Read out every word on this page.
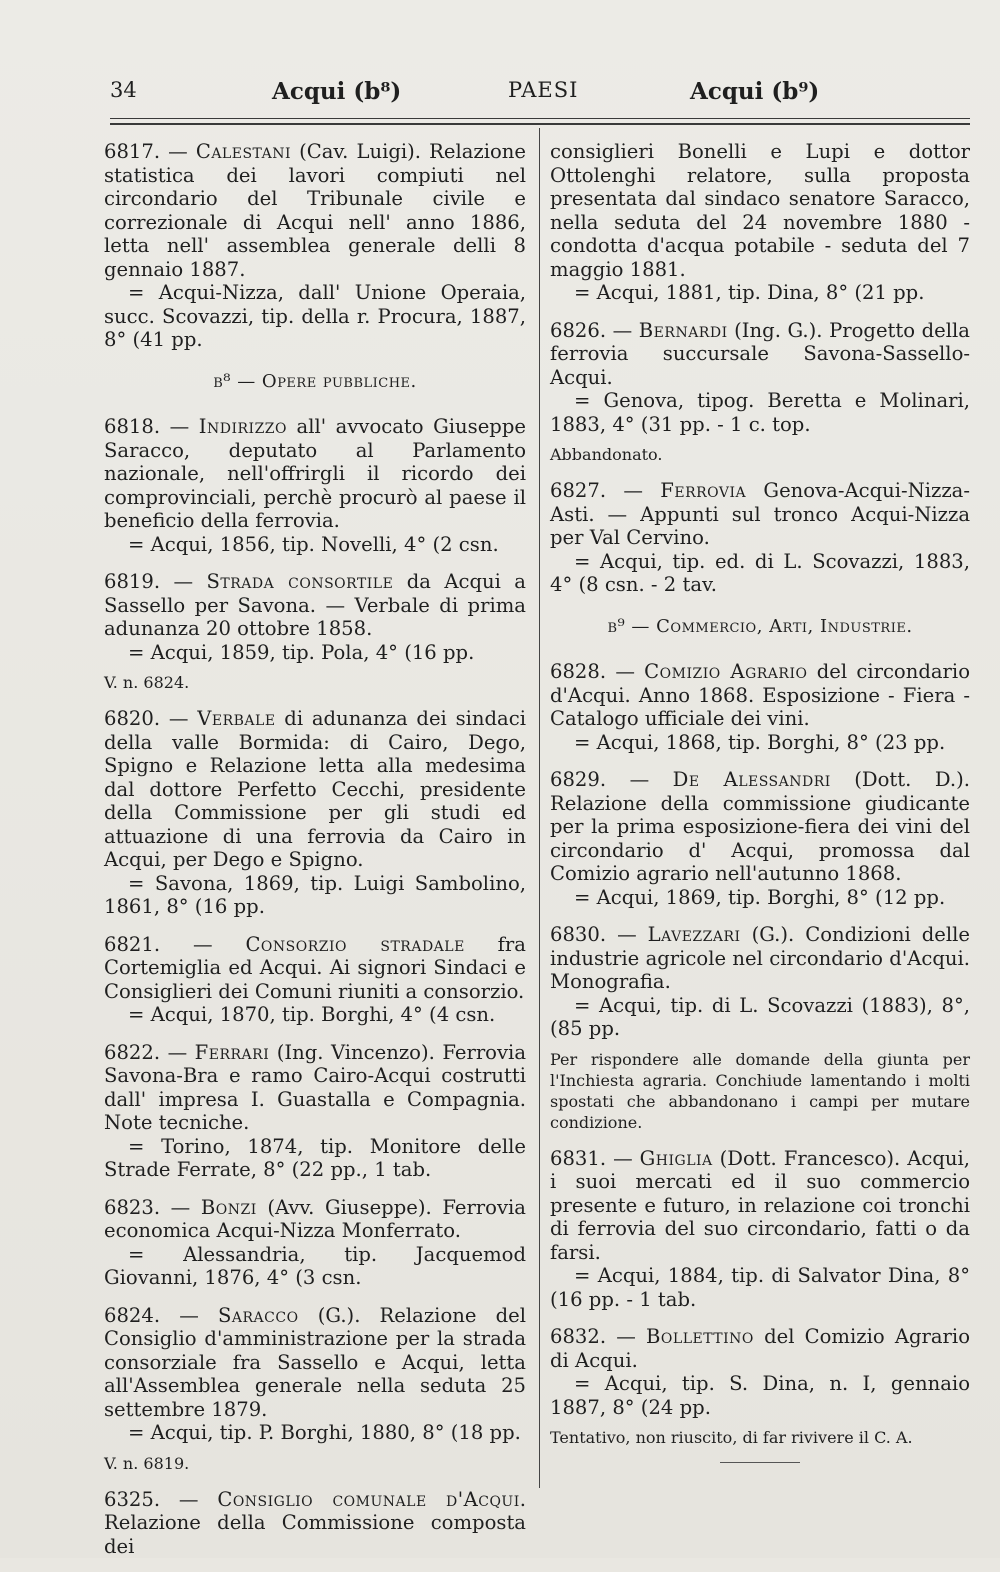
34	Acqui (b⁸)	PAESI	Acqui (b⁹)

6817. — Calestani (Cav. Luigi). Relazione statistica dei lavori compiuti nel circondario del Tribunale civile e correzionale di Acqui nell' anno 1886, letta nell' assemblea generale delli 8 gennaio 1887.

= Acqui-Nizza, dall' Unione Operaia, succ. Scovazzi, tip. della r. Procura, 1887, 8° (41 pp.

b⁸ — Opere pubbliche.

6818. — Indirizzo all' avvocato Giuseppe Saracco, deputato al Parlamento nazionale, nell'offrirgli il ricordo dei comprovinciali, perchè procurò al paese il beneficio della ferrovia.

= Acqui, 1856, tip. Novelli, 4° (2 csn.

6819. — Strada consortile da Acqui a Sassello per Savona. — Verbale di prima adunanza 20 ottobre 1858.

= Acqui, 1859, tip. Pola, 4° (16 pp.

V. n. 6824.

6820. — Verbale di adunanza dei sindaci della valle Bormida: di Cairo, Dego, Spigno e Relazione letta alla medesima dal dottore Perfetto Cecchi, presidente della Commissione per gli studi ed attuazione di una ferrovia da Cairo in Acqui, per Dego e Spigno.

= Savona, 1869, tip. Luigi Sambolino, 1861, 8° (16 pp.

6821. — Consorzio stradale fra Cortemiglia ed Acqui. Ai signori Sindaci e Consiglieri dei Comuni riuniti a consorzio.

= Acqui, 1870, tip. Borghi, 4° (4 csn.

6822. — Ferrari (Ing. Vincenzo). Ferrovia Savona-Bra e ramo Cairo-Acqui costrutti dall' impresa I. Guastalla e Compagnia. Note tecniche.

= Torino, 1874, tip. Monitore delle Strade Ferrate, 8° (22 pp., 1 tab.

6823. — Bonzi (Avv. Giuseppe). Ferrovia economica Acqui-Nizza Monferrato.

= Alessandria, tip. Jacquemod Giovanni, 1876, 4° (3 csn.

6824. — Saracco (G.). Relazione del Consiglio d'amministrazione per la strada consorziale fra Sassello e Acqui, letta all'Assemblea generale nella seduta 25 settembre 1879.

= Acqui, tip. P. Borghi, 1880, 8° (18 pp.

V. n. 6819.

6325. — Consiglio comunale d'Acqui. Relazione della Commissione composta dei

consiglieri Bonelli e Lupi e dottor Ottolenghi relatore, sulla proposta presentata dal sindaco senatore Saracco, nella seduta del 24 novembre 1880 - condotta d'acqua potabile - seduta del 7 maggio 1881.

= Acqui, 1881, tip. Dina, 8° (21 pp.

6826. — Bernardi (Ing. G.). Progetto della ferrovia succursale Savona-Sassello-Acqui.

= Genova, tipog. Beretta e Molinari, 1883, 4° (31 pp. - 1 c. top.

Abbandonato.

6827. — Ferrovia Genova-Acqui-Nizza-Asti. — Appunti sul tronco Acqui-Nizza per Val Cervino.

= Acqui, tip. ed. di L. Scovazzi, 1883, 4° (8 csn. - 2 tav.

b⁹ — Commercio, Arti, Industrie.

6828. — Comizio Agrario del circondario d'Acqui. Anno 1868. Esposizione - Fiera - Catalogo ufficiale dei vini.

= Acqui, 1868, tip. Borghi, 8° (23 pp.

6829. — De Alessandri (Dott. D.). Relazione della commissione giudicante per la prima esposizione-fiera dei vini del circondario d' Acqui, promossa dal Comizio agrario nell'autunno 1868.

= Acqui, 1869, tip. Borghi, 8° (12 pp.

6830. — Lavezzari (G.). Condizioni delle industrie agricole nel circondario d'Acqui. Monografia.

= Acqui, tip. di L. Scovazzi (1883), 8°, (85 pp.

Per rispondere alle domande della giunta per l'Inchiesta agraria. Conchiude lamentando i molti spostati che abbandonano i campi per mutare condizione.

6831. — Ghiglia (Dott. Francesco). Acqui, i suoi mercati ed il suo commercio presente e futuro, in relazione coi tronchi di ferrovia del suo circondario, fatti o da farsi.

= Acqui, 1884, tip. di Salvator Dina, 8° (16 pp. - 1 tab.

6832. — Bollettino del Comizio Agrario di Acqui.

= Acqui, tip. S. Dina, n. I, gennaio 1887, 8° (24 pp.

Tentativo, non riuscito, di far rivivere il C. A.
